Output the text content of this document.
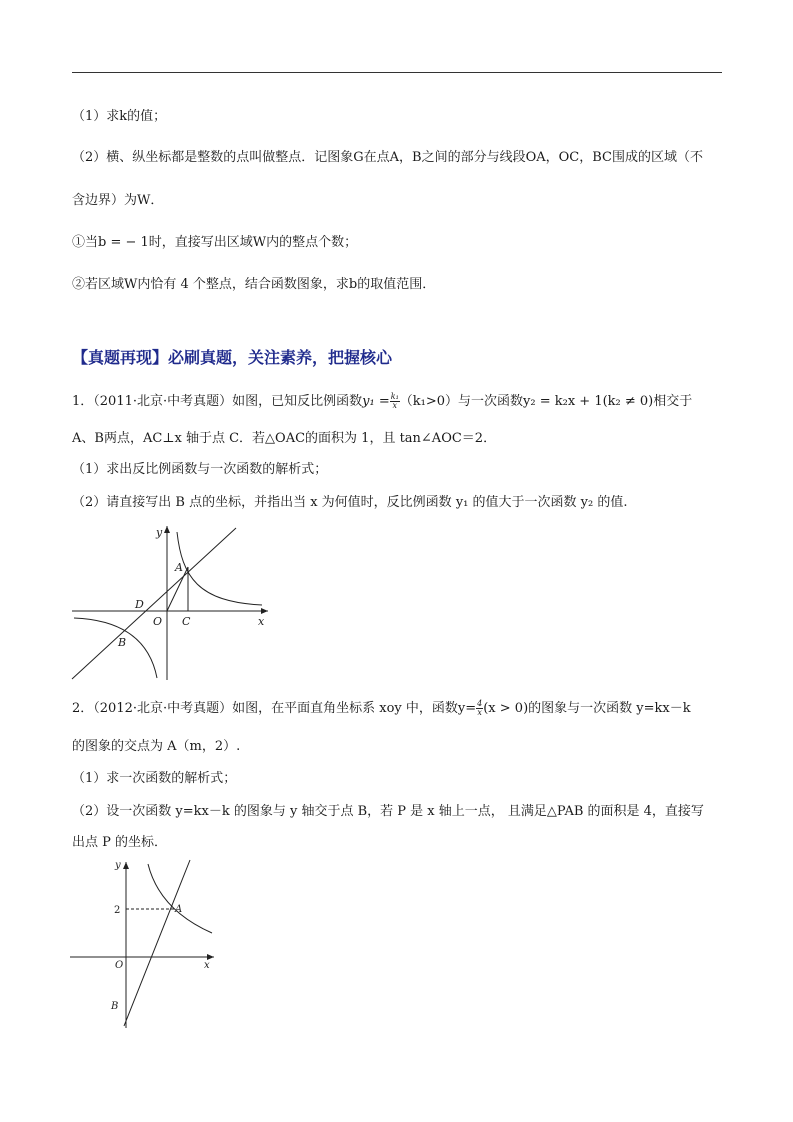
（1）求k的值；
（2）横、纵坐标都是整数的点叫做整点．记图象G在点A，B之间的部分与线段OA，OC，BC围成的区域（不
含边界）为W．
①当b = − 1时，直接写出区域W内的整点个数；
②若区域W内恰有 4 个整点，结合函数图象，求b的取值范围．
【真题再现】必刷真题，关注素养，把握核心
1．（2011·北京·中考真题）如图，已知反比例函数$y_1 = \frac{\text{k₁}}{x} (k_1>0)$与一次函数y₂ = k₂x + 1(k₂ ≠ 0)相交于
A、B两点，AC⊥x 轴于点 C．若△OAC的面积为 1，且 tan∠AOC＝2．
（1）求出反比例函数与一次函数的解析式；
（2）请直接写出 B 点的坐标，并指出当 x 为何值时，反比例函数 y₁ 的值大于一次函数 y₂ 的值.
y
x
A
D
O C
B
2．（2012·北京·中考真题）如图，在平面直角坐标系 xoy 中，函数$y= \frac{4}{x} (x > 0)$的图象与一次函数 y=kx－k
的图象的交点为 A（m，2）.
（1）求一次函数的解析式；
（2）设一次函数 y=kx－k 的图象与 y 轴交于点 B，若 P 是 x 轴上一点， 且满足△PAB 的面积是 4，直接写
出点 P 的坐标．
y
x
2	A
O
B
